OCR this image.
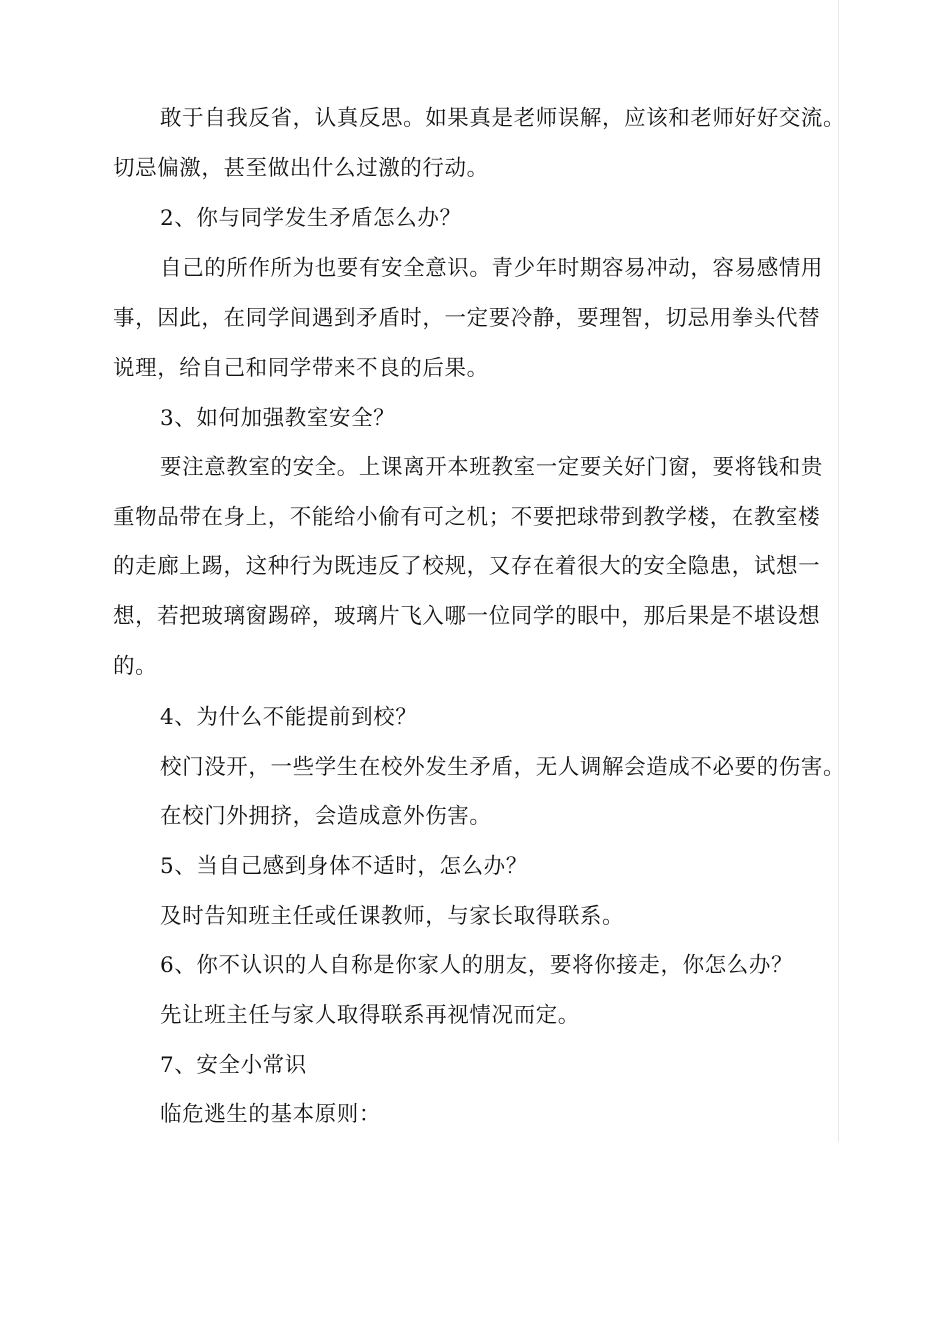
敢于自我反省，认真反思。如果真是老师误解，应该和老师好好交流。
切忌偏激，甚至做出什么过激的行动。
2、你与同学发生矛盾怎么办？
自己的所作所为也要有安全意识。青少年时期容易冲动，容易感情用
事，因此，在同学间遇到矛盾时，一定要冷静，要理智，切忌用拳头代替
说理，给自己和同学带来不良的后果。
3、如何加强教室安全？
要注意教室的安全。上课离开本班教室一定要关好门窗，要将钱和贵
重物品带在身上，不能给小偷有可之机；不要把球带到教学楼，在教室楼
的走廊上踢，这种行为既违反了校规，又存在着很大的安全隐患，试想一
想，若把玻璃窗踢碎，玻璃片飞入哪一位同学的眼中，那后果是不堪设想
的。
4、为什么不能提前到校？
校门没开，一些学生在校外发生矛盾，无人调解会造成不必要的伤害。
在校门外拥挤，会造成意外伤害。
5、当自己感到身体不适时，怎么办？
及时告知班主任或任课教师，与家长取得联系。
6、你不认识的人自称是你家人的朋友，要将你接走，你怎么办？
先让班主任与家人取得联系再视情况而定。
7、安全小常识
临危逃生的基本原则：
